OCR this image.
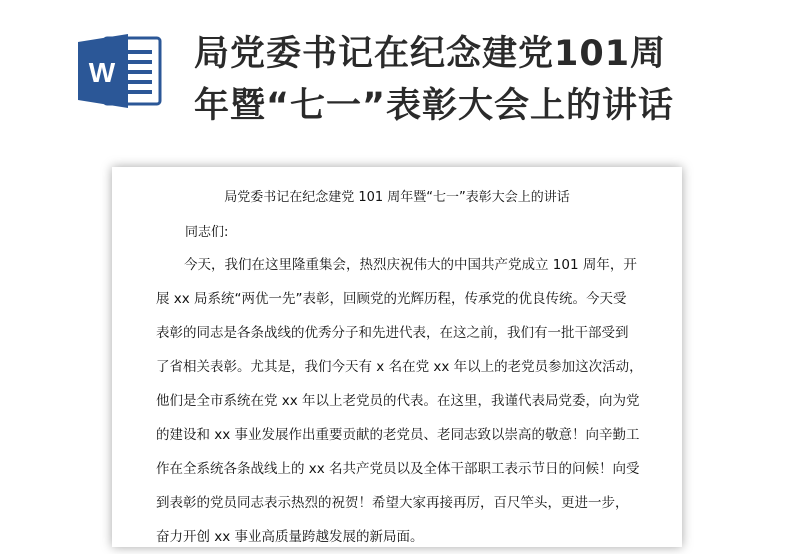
W 局党委书记在纪念建党101周
年暨“七一”表彰大会上的讲话
局党委书记在纪念建党 101 周年暨“七一”表彰大会上的讲话
同志们:
今天，我们在这里隆重集会，热烈庆祝伟大的中国共产党成立 101 周年，开
展 xx 局系统“两优一先”表彰，回顾党的光辉历程，传承党的优良传统。今天受
表彰的同志是各条战线的优秀分子和先进代表，在这之前，我们有一批干部受到
了省相关表彰。尤其是，我们今天有 x 名在党 xx 年以上的老党员参加这次活动，
他们是全市系统在党 xx 年以上老党员的代表。在这里，我谨代表局党委，向为党
的建设和 xx 事业发展作出重要贡献的老党员、老同志致以崇高的敬意！向辛勤工
作在全系统各条战线上的 xx 名共产党员以及全体干部职工表示节日的问候！向受
到表彰的党员同志表示热烈的祝贺！希望大家再接再厉，百尺竿头，更进一步，
奋力开创 xx 事业高质量跨越发展的新局面。
